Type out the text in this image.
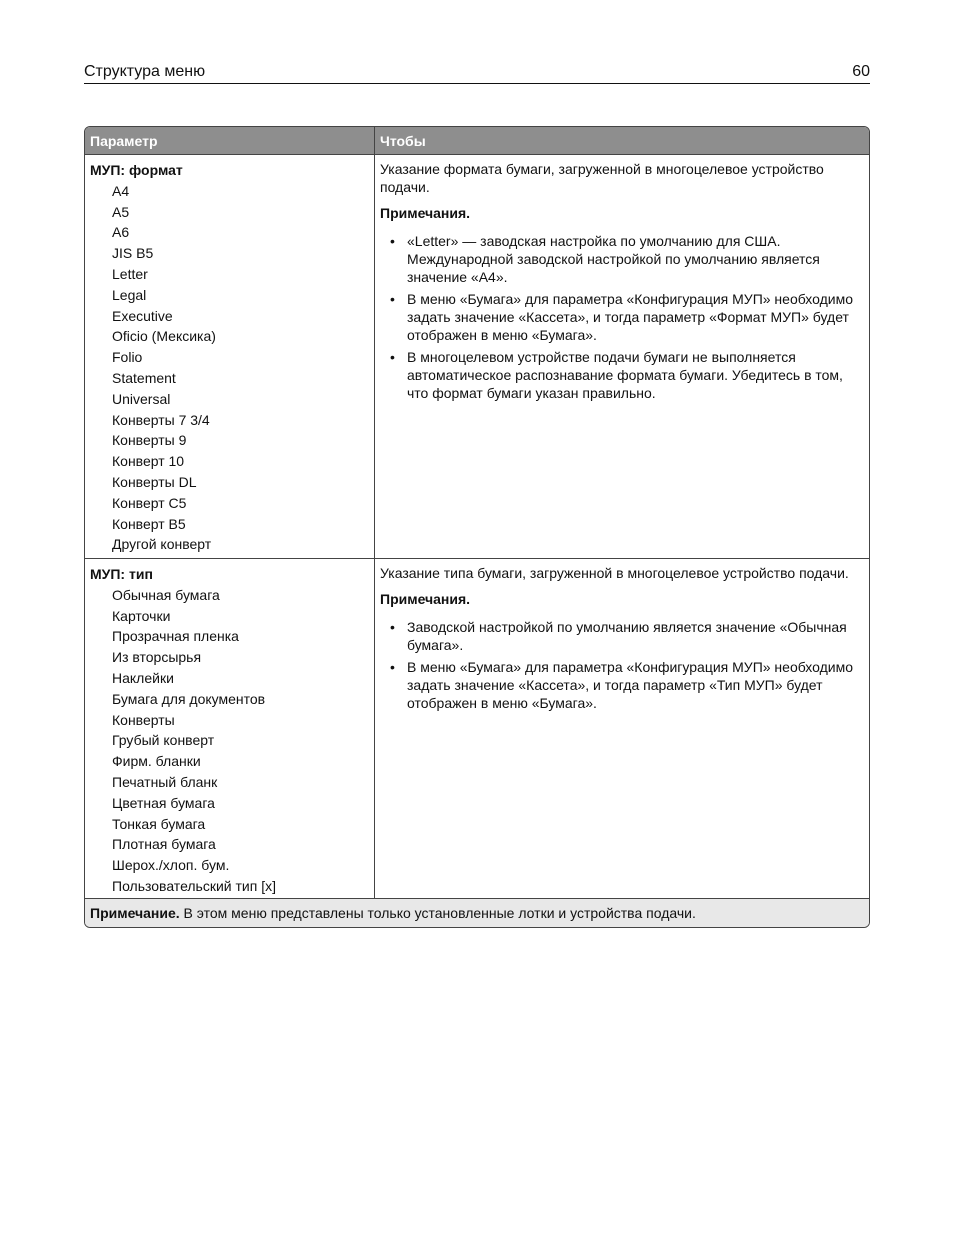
Структура меню	60
Параметр	Чтобы
МУП: формат
A4
A5
A6
JIS B5
Letter
Legal
Executive
Oficio (Мексика)
Folio
Statement
Universal
Конверты 7 3/4
Конверты 9
Конверт 10
Конверты DL
Конверт C5
Конверт B5
Другой конверт

Указание формата бумаги, загруженной в многоцелевое устройство подачи.

Примечания.

• «Letter» — заводская настройка по умолчанию для США. Международной заводской настройкой по умолчанию является значение «A4».
• В меню «Бумага» для параметра «Конфигурация МУП» необходимо задать значение «Кассета», и тогда параметр «Формат МУП» будет отображен в меню «Бумага».
• В многоцелевом устройстве подачи бумаги не выполняется автоматическое распознавание формата бумаги. Убедитесь в том, что формат бумаги указан правильно.
МУП: тип
Обычная бумага
Карточки
Прозрачная пленка
Из вторсырья
Наклейки
Бумага для документов
Конверты
Грубый конверт
Фирм. бланки
Печатный бланк
Цветная бумага
Тонкая бумага
Плотная бумага
Шерох./хлоп. бум.
Пользовательский тип [x]

Указание типа бумаги, загруженной в многоцелевое устройство подачи.

Примечания.

• Заводской настройкой по умолчанию является значение «Обычная бумага».
• В меню «Бумага» для параметра «Конфигурация МУП» необходимо задать значение «Кассета», и тогда параметр «Тип МУП» будет отображен в меню «Бумага».
Примечание. В этом меню представлены только установленные лотки и устройства подачи.
